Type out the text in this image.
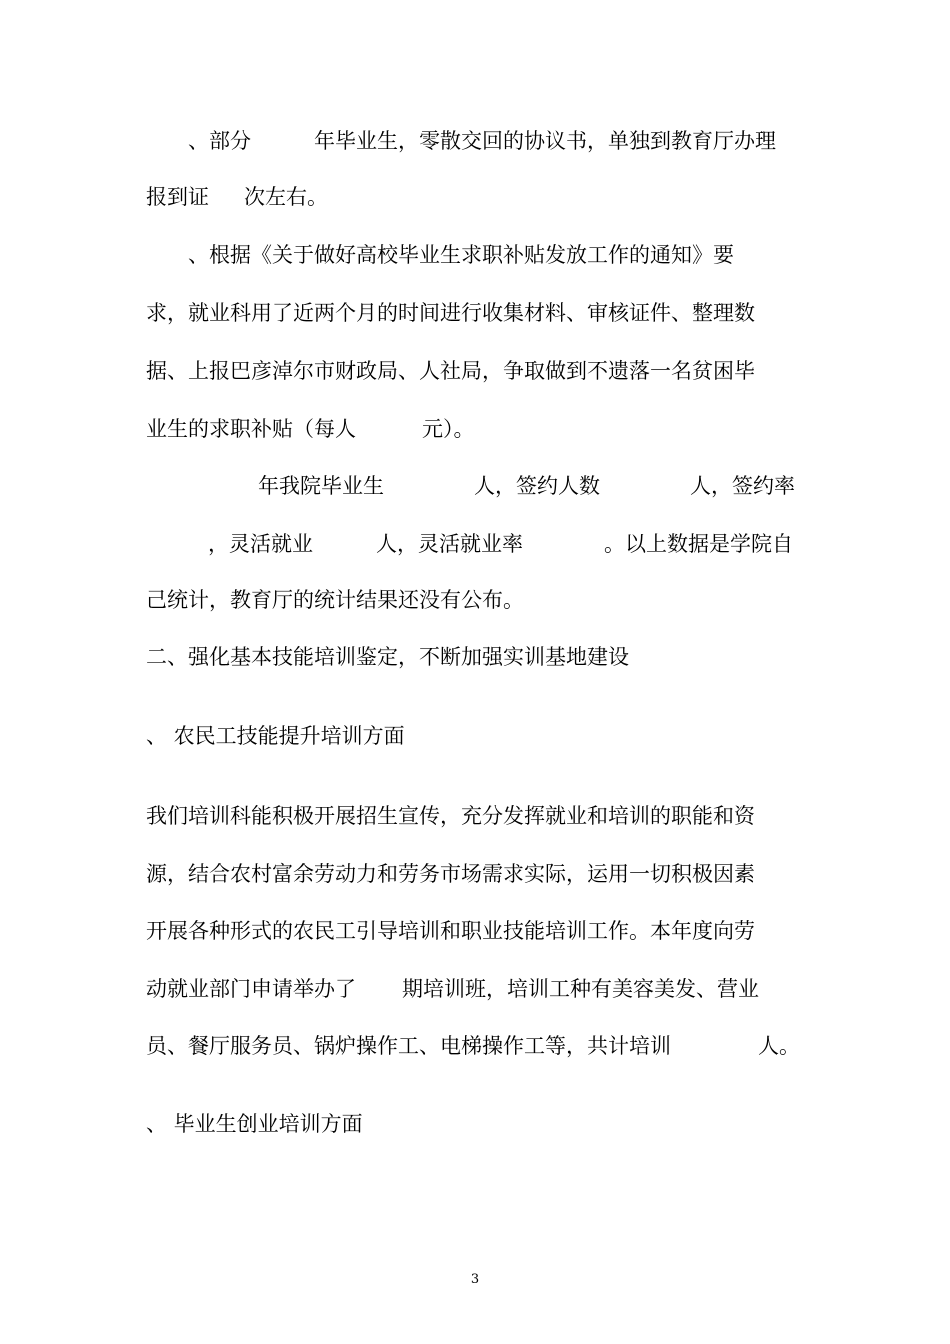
、部分	年毕业生，零散交回的协议书，单独到教育厅办理
报到证 次左右。
、根据《关于做好高校毕业生求职补贴发放工作的通知》要
求，就业科用了近两个月的时间进行收集材料、审核证件、整理数
据、上报巴彦淖尔市财政局、人社局，争取做到不遗落一名贫困毕
业生的求职补贴（每人	元）。
年我院毕业生	人，签约人数	人，签约率
，灵活就业	人，灵活就业率	。以上数据是学院自
己统计，教育厅的统计结果还没有公布。
二、强化基本技能培训鉴定，不断加强实训基地建设
、 农民工技能提升培训方面
我们培训科能积极开展招生宣传，充分发挥就业和培训的职能和资
源，结合农村富余劳动力和劳务市场需求实际，运用一切积极因素
开展各种形式的农民工引导培训和职业技能培训工作。本年度向劳
动就业部门申请举办了 期培训班，培训工种有美容美发、营业
员、餐厅服务员、锅炉操作工、电梯操作工等，共计培训	人。
、 毕业生创业培训方面
3
